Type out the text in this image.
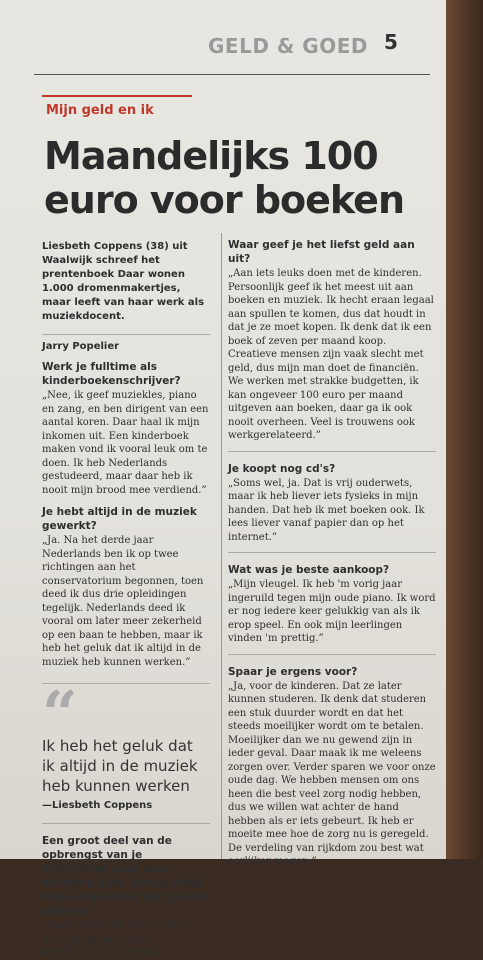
GELD & GOED 5
Mijn geld en ik
Maandelijks 100
euro voor boeken

Liesbeth Coppens (38) uit Waalwijk schreef het prentenboek Daar wonen 1.000 dromenmakertjes, maar leeft van haar werk als muziekdocent.

Jarry Popelier
Werk je fulltime als kinderboekenschrijver?

„Nee, ik geef muziekles, piano en zang, en ben dirigent van een aantal koren. Daar haal ik mijn inkomen uit. Een kinderboek maken vond ik vooral leuk om te doen. Ik heb Nederlands gestudeerd, maar daar heb ik nooit mijn brood mee verdiend.”

Je hebt altijd in de muziek gewerkt?

„Ja. Na het derde jaar Nederlands ben ik op twee richtingen aan het conservatorium begonnen, toen deed ik dus drie opleidingen tegelijk. Nederlands deed ik vooral om later meer zekerheid op een baan te hebben, maar ik heb het geluk dat ik altijd in de muziek heb kunnen werken.”

“

Ik heb het geluk dat ik altijd in de muziek heb kunnen werken

—Liesbeth Coppens

Een groot deel van de opbrengst van je kinderboek gaat naar stichting Kika. Ben je altijd begaan geweest met goede doelen?

„Jawel, maar dit is de eerste keer dat ik aan zoiets grootschaligs meewerk.

Waar geef je het liefst geld aan uit?

„Aan iets leuks doen met de kinderen. Persoonlijk geef ik het meest uit aan boeken en muziek. Ik hecht eraan legaal aan spullen te komen, dus dat houdt in dat je ze moet kopen. Ik denk dat ik een boek of zeven per maand koop. Creatieve mensen zijn vaak slecht met geld, dus mijn man doet de financiën. We werken met strakke budgetten, ik kan ongeveer 100 euro per maand uitgeven aan boeken, daar ga ik ook nooit overheen. Veel is trouwens ook werkgerelateerd.”

Je koopt nog cd's?

„Soms wel, ja. Dat is vrij ouderwets, maar ik heb liever iets fysieks in mijn handen. Dat heb ik met boeken ook. Ik lees liever vanaf papier dan op het internet.”

Wat was je beste aankoop?

„Mijn vleugel. Ik heb 'm vorig jaar ingeruild tegen mijn oude piano. Ik word er nog iedere keer gelukkig van als ik erop speel. En ook mijn leerlingen vinden 'm prettig.”

Spaar je ergens voor?

„Ja, voor de kinderen. Dat ze later kunnen studeren. Ik denk dat studeren een stuk duurder wordt en dat het steeds moeilijker wordt om te betalen. Moeilijker dan we nu gewend zijn in ieder geval. Daar maak ik me weleens zorgen over. Verder sparen we voor onze oude dag. We hebben mensen om ons heen die best veel zorg nodig hebben, dus we willen wat achter de hand hebben als er iets gebeurt. Ik heb er moeite mee hoe de zorg nu is geregeld. De verdeling van rijkdom zou best wat eerlijker mogen.”
